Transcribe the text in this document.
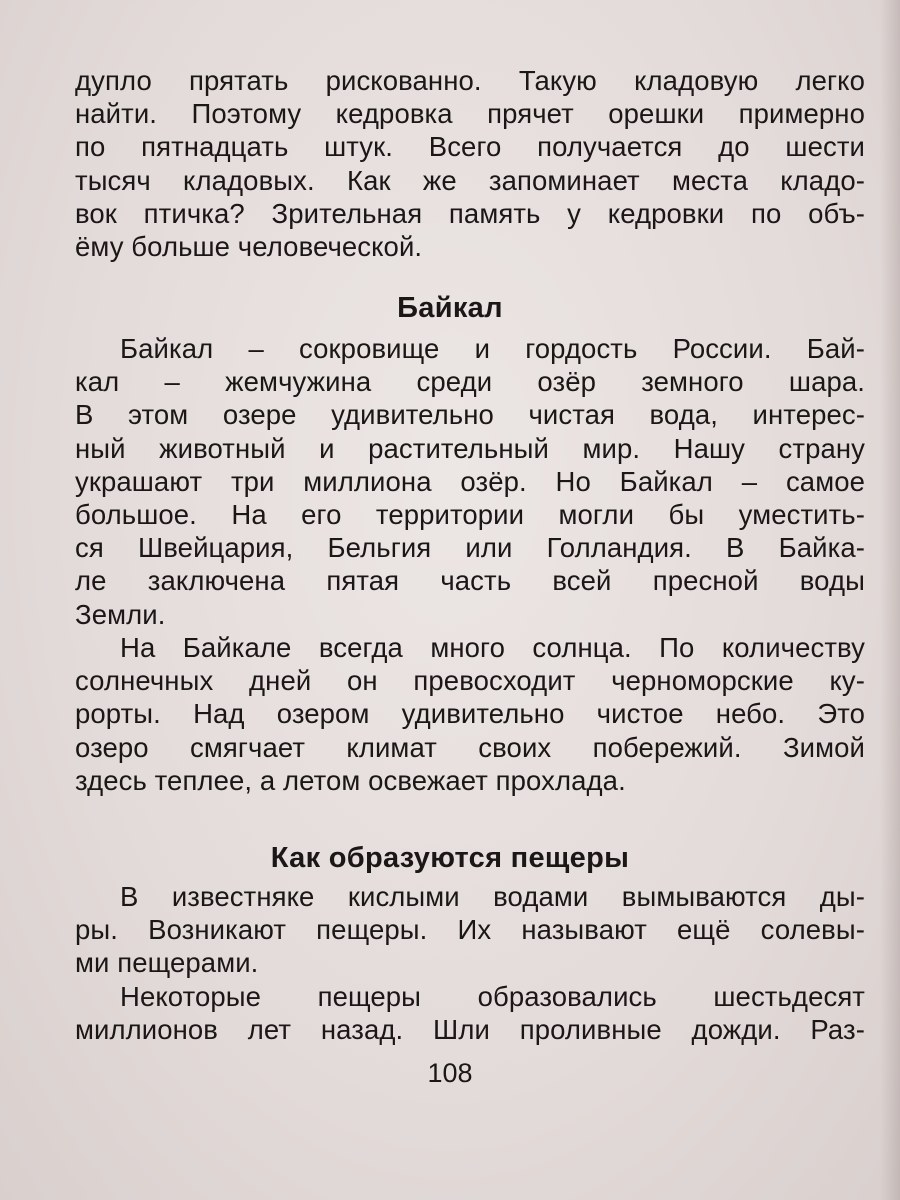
дупло прятать рискованно. Такую кладовую легко
найти. Поэтому кедровка прячет орешки примерно
по пятнадцать штук. Всего получается до шести
тысяч кладовых. Как же запоминает места кладо-
вок птичка? Зрительная память у кедровки по объ-
ёму больше человеческой.
Байкал
Байкал – сокровище и гордость России. Бай-
кал – жемчужина среди озёр земного шара.
В этом озере удивительно чистая вода, интерес-
ный животный и растительный мир. Нашу страну
украшают три миллиона озёр. Но Байкал – самое
большое. На его территории могли бы уместить-
ся Швейцария, Бельгия или Голландия. В Байка-
ле заключена пятая часть всей пресной воды
Земли.
На Байкале всегда много солнца. По количеству
солнечных дней он превосходит черноморские ку-
рорты. Над озером удивительно чистое небо. Это
озеро смягчает климат своих побережий. Зимой
здесь теплее, а летом освежает прохлада.
Как образуются пещеры
В известняке кислыми водами вымываются ды-
ры. Возникают пещеры. Их называют ещё солевы-
ми пещерами.
Некоторые пещеры образовались шестьдесят
миллионов лет назад. Шли проливные дожди. Раз-
108
